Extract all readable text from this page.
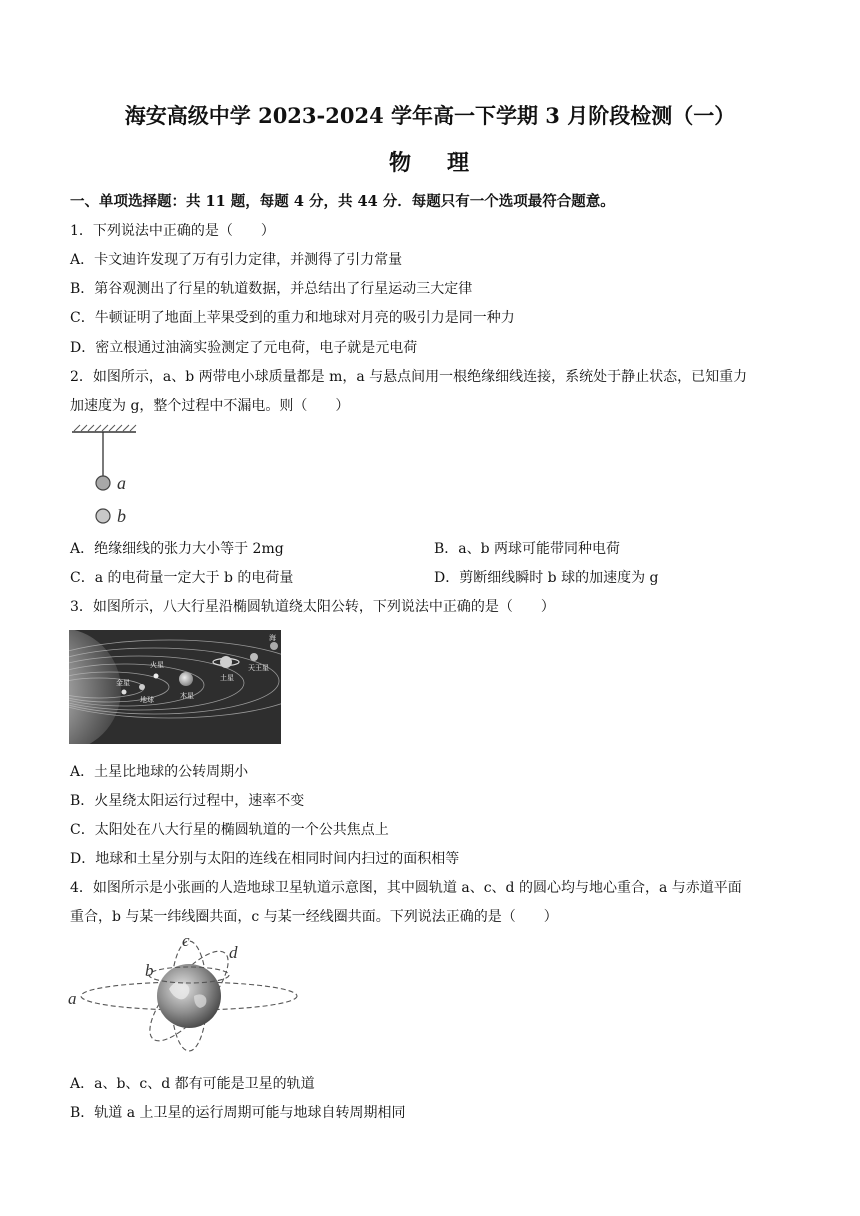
海安高级中学 2023-2024 学年高一下学期 3 月阶段检测（一）
物 理
一、单项选择题：共 11 题，每题 4 分，共 44 分．每题只有一个选项最符合题意。
1．下列说法中正确的是（　　）
A．卡文迪许发现了万有引力定律，并测得了引力常量
B．第谷观测出了行星的轨道数据，并总结出了行星运动三大定律
C．牛顿证明了地面上苹果受到的重力和地球对月亮的吸引力是同一种力
D．密立根通过油滴实验测定了元电荷，电子就是元电荷
2．如图所示，a、b 两带电小球质量都是 m，a 与悬点间用一根绝缘细线连接，系统处于静止状态，已知重力
加速度为 g，整个过程中不漏电。则（　　）
a
b
A．绝缘细线的张力大小等于 2mg	B．a、b 两球可能带同种电荷
C．a 的电荷量一定大于 b 的电荷量	D．剪断细线瞬时 b 球的加速度为 g
3．如图所示，八大行星沿椭圆轨道绕太阳公转，下列说法中正确的是（　　）
火星
金星
地球	木星
土星
天王星
海
A．土星比地球的公转周期小
B．火星绕太阳运行过程中，速率不变
C．太阳处在八大行星的椭圆轨道的一个公共焦点上
D．地球和土星分别与太阳的连线在相同时间内扫过的面积相等
4．如图所示是小张画的人造地球卫星轨道示意图，其中圆轨道 a、c、d 的圆心均与地心重合，a 与赤道平面
重合，b 与某一纬线圈共面，c 与某一经线圈共面。下列说法正确的是（　　）
a
b
c
d
A．a、b、c、d 都有可能是卫星的轨道
B．轨道 a 上卫星的运行周期可能与地球自转周期相同
